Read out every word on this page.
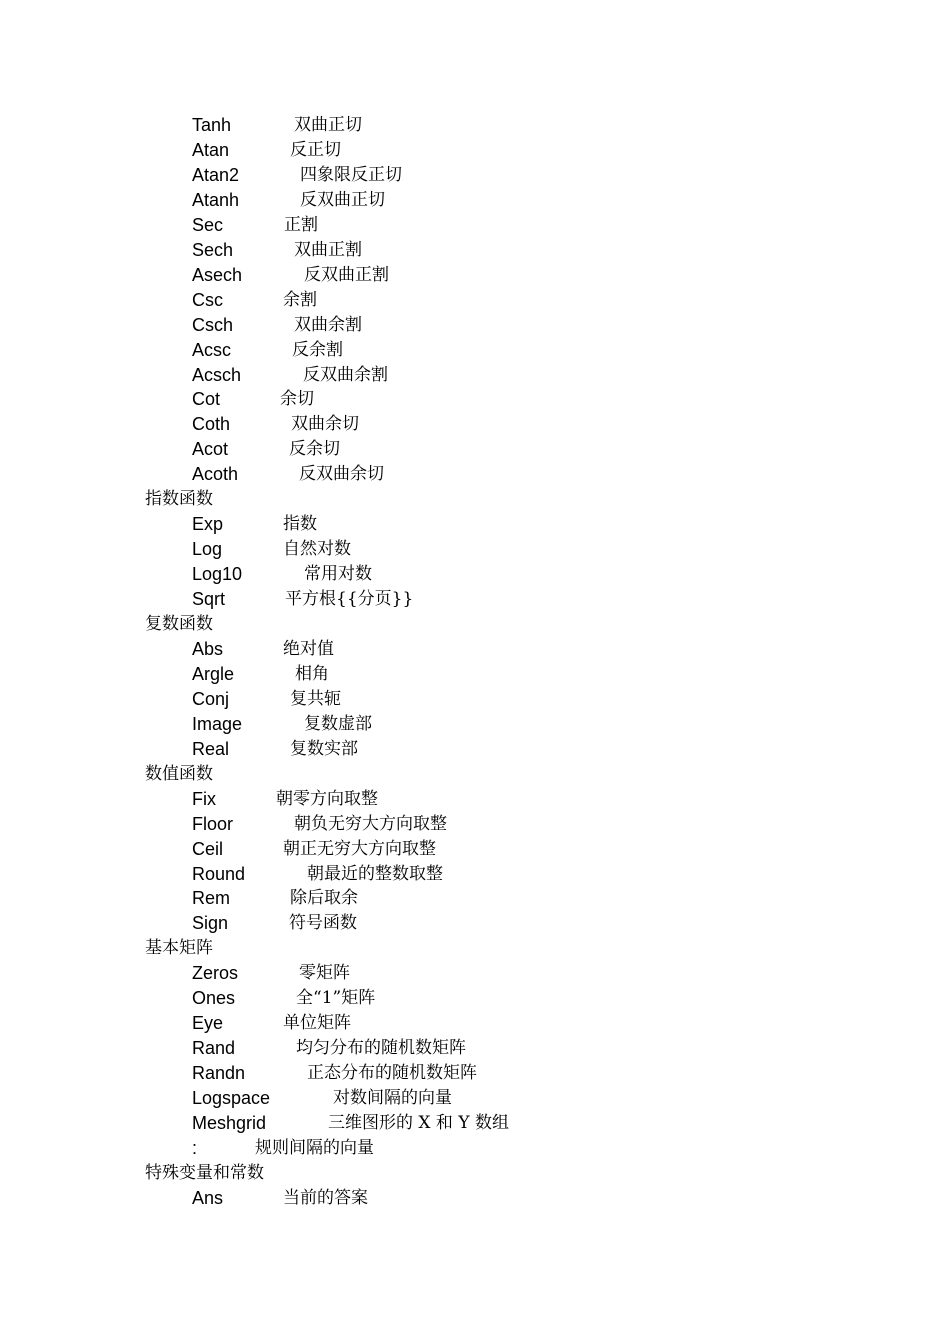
Tanh	双曲正切
Atan	反正切
Atan2	四象限反正切
Atanh	反双曲正切
Sec	正割
Sech	双曲正割
Asech	反双曲正割
Csc	余割
Csch	双曲余割
Acsc	反余割
Acsch	反双曲余割
Cot	余切
Coth	双曲余切
Acot	反余切
Acoth	反双曲余切
指数函数
Exp	指数
Log	自然对数
Log10	常用对数
Sqrt	平方根{{分页}}
复数函数
Abs	绝对值
Argle	相角
Conj	复共轭
Image	复数虚部
Real	复数实部
数值函数
Fix	朝零方向取整
Floor	朝负无穷大方向取整
Ceil	朝正无穷大方向取整
Round	朝最近的整数取整
Rem	除后取余
Sign	符号函数
基本矩阵
Zeros	零矩阵
Ones	全“1”矩阵
Eye	单位矩阵
Rand	均匀分布的随机数矩阵
Randn	正态分布的随机数矩阵
Logspace	对数间隔的向量
Meshgrid	三维图形的 X 和 Y 数组
:	规则间隔的向量
特殊变量和常数
Ans	当前的答案
